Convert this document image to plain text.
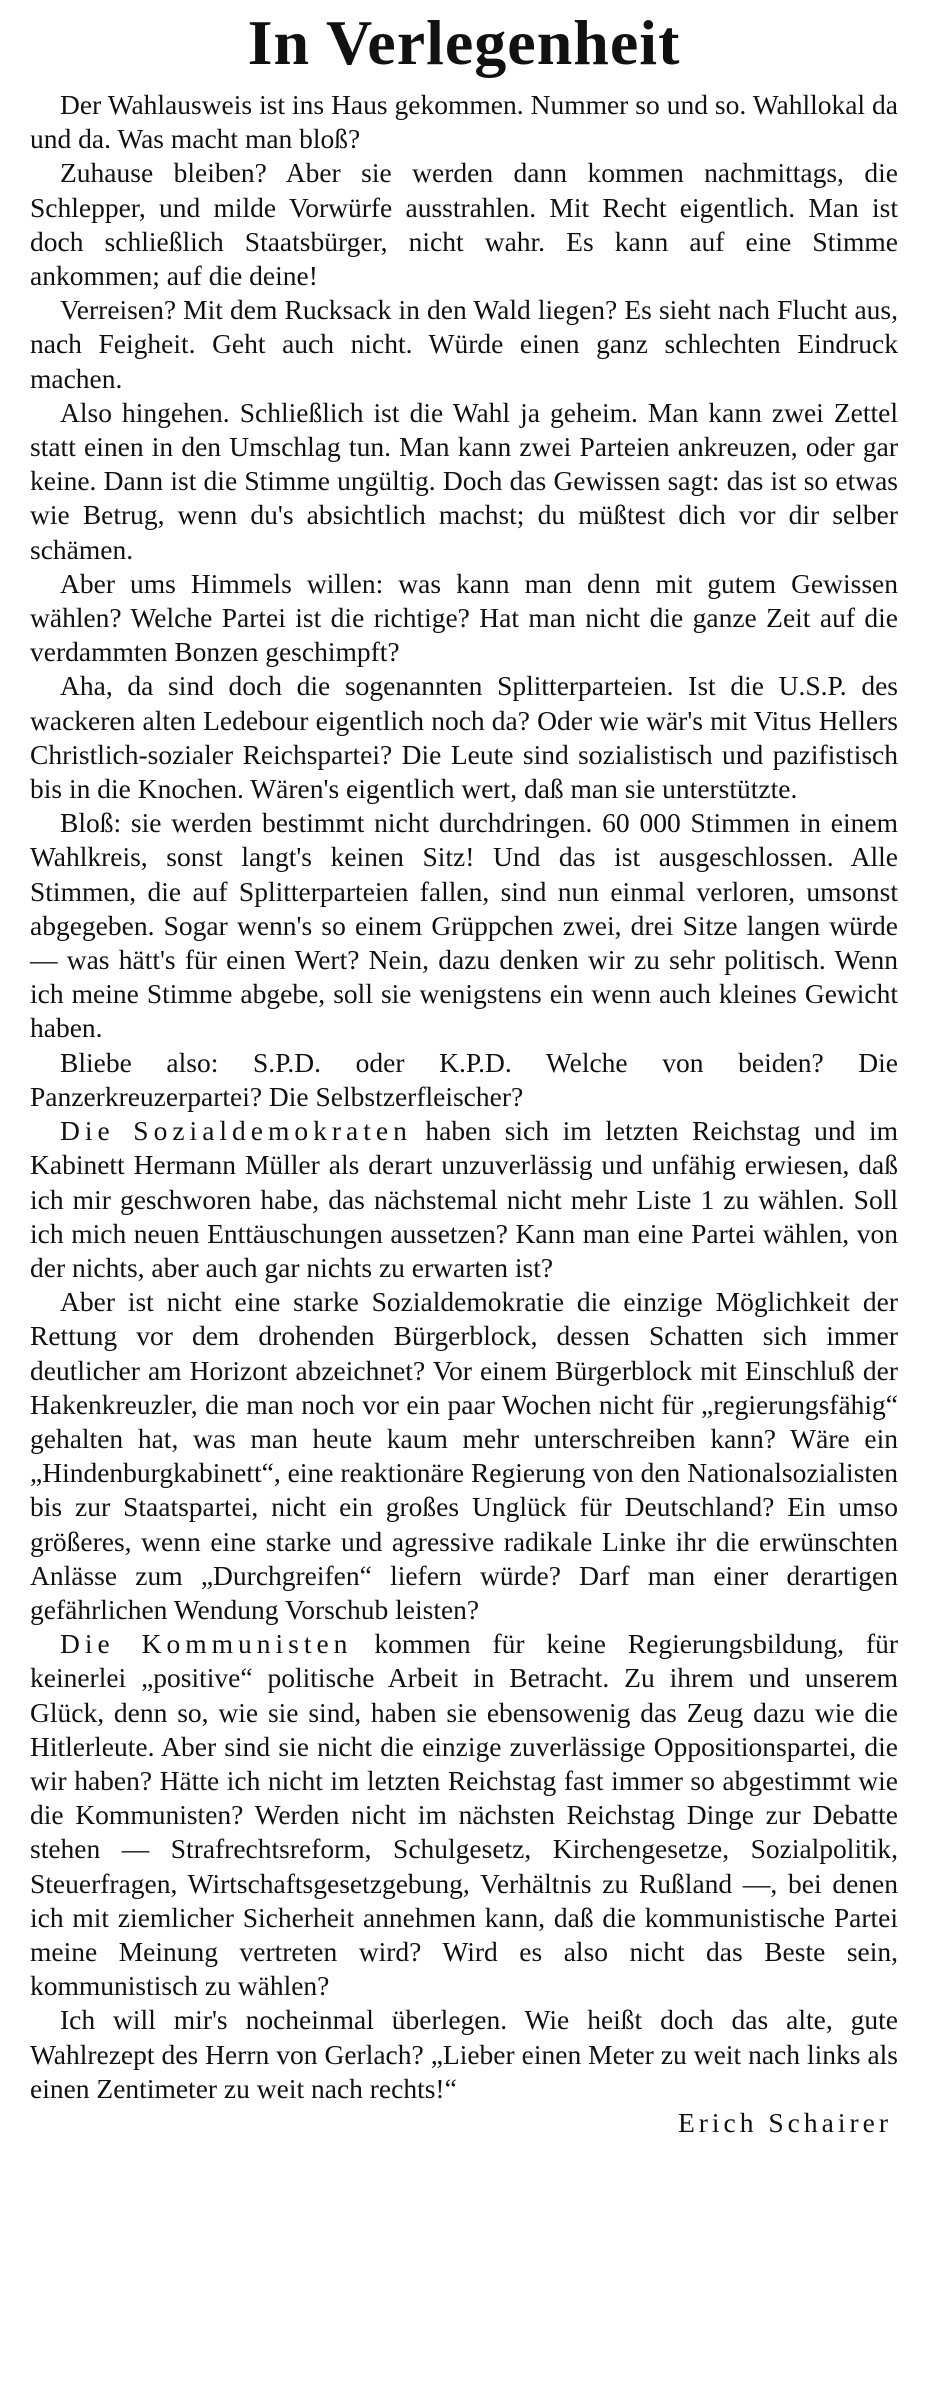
In Verlegenheit

Der Wahlausweis ist ins Haus gekommen. Nummer so und so. Wahllokal da und da. Was macht man bloß?

Zuhause bleiben? Aber sie werden dann kommen nachmittags, die Schlepper, und milde Vorwürfe ausstrahlen. Mit Recht eigentlich. Man ist doch schließlich Staatsbürger, nicht wahr. Es kann auf eine Stimme ankommen; auf die deine!

Verreisen? Mit dem Rucksack in den Wald liegen? Es sieht nach Flucht aus, nach Feigheit. Geht auch nicht. Würde einen ganz schlechten Eindruck machen.

Also hingehen. Schließlich ist die Wahl ja geheim. Man kann zwei Zettel statt einen in den Umschlag tun. Man kann zwei Parteien ankreuzen, oder gar keine. Dann ist die Stimme ungültig. Doch das Gewissen sagt: das ist so etwas wie Betrug, wenn du's absichtlich machst; du müßtest dich vor dir selber schämen.

Aber ums Himmels willen: was kann man denn mit gutem Gewissen wählen? Welche Partei ist die richtige? Hat man nicht die ganze Zeit auf die verdammten Bonzen geschimpft?

Aha, da sind doch die sogenannten Splitterparteien. Ist die U.S.P. des wackeren alten Ledebour eigentlich noch da? Oder wie wär's mit Vitus Hellers Christlich-sozialer Reichspartei? Die Leute sind sozialistisch und pazifistisch bis in die Knochen. Wären's eigentlich wert, daß man sie unterstützte.

Bloß: sie werden bestimmt nicht durchdringen. 60 000 Stimmen in einem Wahlkreis, sonst langt's keinen Sitz! Und das ist ausgeschlossen. Alle Stimmen, die auf Splitterparteien fallen, sind nun einmal verloren, umsonst abgegeben. Sogar wenn's so einem Grüppchen zwei, drei Sitze langen würde — was hätt's für einen Wert? Nein, dazu denken wir zu sehr politisch. Wenn ich meine Stimme abgebe, soll sie wenigstens ein wenn auch kleines Gewicht haben.

Bliebe also: S.P.D. oder K.P.D. Welche von beiden? Die Panzerkreuzerpartei? Die Selbstzerfleischer?

Die Sozialdemokraten haben sich im letzten Reichstag und im Kabinett Hermann Müller als derart unzuverlässig und unfähig erwiesen, daß ich mir geschworen habe, das nächstemal nicht mehr Liste 1 zu wählen. Soll ich mich neuen Enttäuschungen aussetzen? Kann man eine Partei wählen, von der nichts, aber auch gar nichts zu erwarten ist?

Aber ist nicht eine starke Sozialdemokratie die einzige Möglichkeit der Rettung vor dem drohenden Bürgerblock, dessen Schatten sich immer deutlicher am Horizont abzeichnet? Vor einem Bürgerblock mit Einschluß der Hakenkreuzler, die man noch vor ein paar Wochen nicht für „regierungsfähig“ gehalten hat, was man heute kaum mehr unterschreiben kann? Wäre ein „Hindenburgkabinett“, eine reaktionäre Regierung von den Nationalsozialisten bis zur Staatspartei, nicht ein großes Unglück für Deutschland? Ein umso größeres, wenn eine starke und agressive radikale Linke ihr die erwünschten Anlässe zum „Durchgreifen“ liefern würde? Darf man einer derartigen gefährlichen Wendung Vorschub leisten?

Die Kommunisten kommen für keine Regierungsbildung, für keinerlei „positive“ politische Arbeit in Betracht. Zu ihrem und unserem Glück, denn so, wie sie sind, haben sie ebensowenig das Zeug dazu wie die Hitlerleute. Aber sind sie nicht die einzige zuverlässige Oppositionspartei, die wir haben? Hätte ich nicht im letzten Reichstag fast immer so abgestimmt wie die Kommunisten? Werden nicht im nächsten Reichstag Dinge zur Debatte stehen — Strafrechtsreform, Schulgesetz, Kirchengesetze, Sozialpolitik, Steuerfragen, Wirtschaftsgesetzgebung, Verhältnis zu Rußland —, bei denen ich mit ziemlicher Sicherheit annehmen kann, daß die kommunistische Partei meine Meinung vertreten wird? Wird es also nicht das Beste sein, kommunistisch zu wählen?

Ich will mir's nocheinmal überlegen. Wie heißt doch das alte, gute Wahlrezept des Herrn von Gerlach? „Lieber einen Meter zu weit nach links als einen Zentimeter zu weit nach rechts!“

Erich Schairer
